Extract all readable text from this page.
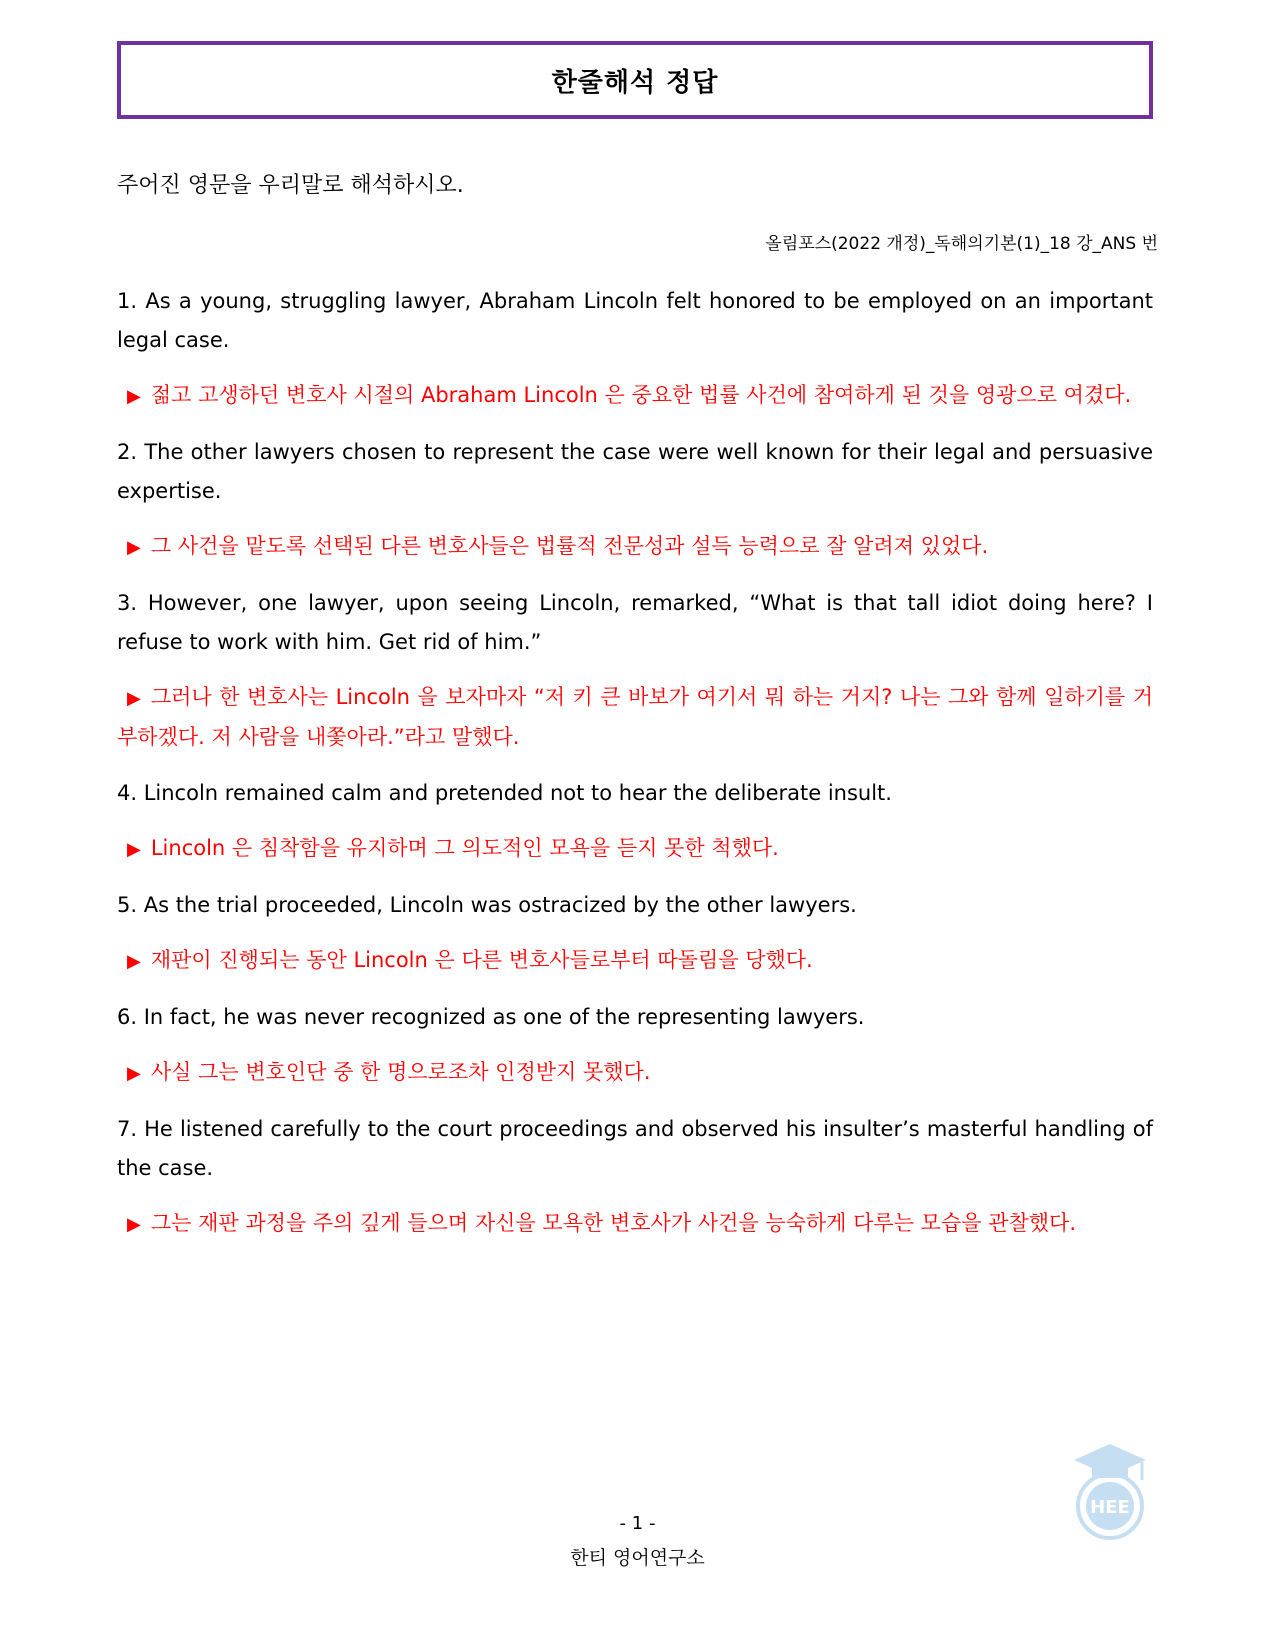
한줄해석 정답
주어진 영문을 우리말로 해석하시오.
올림포스(2022 개정)_독해의기본(1)_18 강_ANS 번

1. As a young, struggling lawyer, Abraham Lincoln felt honored to be employed on an important legal case.

▶ 젊고 고생하던 변호사 시절의 Abraham Lincoln 은 중요한 법률 사건에 참여하게 된 것을 영광으로 여겼다.

2. The other lawyers chosen to represent the case were well known for their legal and persuasive expertise.

▶ 그 사건을 맡도록 선택된 다른 변호사들은 법률적 전문성과 설득 능력으로 잘 알려져 있었다.

3. However, one lawyer, upon seeing Lincoln, remarked, “What is that tall idiot doing here? I refuse to work with him. Get rid of him.”

▶ 그러나 한 변호사는 Lincoln 을 보자마자 “저 키 큰 바보가 여기서 뭐 하는 거지? 나는 그와 함께 일하기를 거부하겠다. 저 사람을 내쫓아라.”라고 말했다.

4. Lincoln remained calm and pretended not to hear the deliberate insult.

▶ Lincoln 은 침착함을 유지하며 그 의도적인 모욕을 듣지 못한 척했다.

5. As the trial proceeded, Lincoln was ostracized by the other lawyers.

▶ 재판이 진행되는 동안 Lincoln 은 다른 변호사들로부터 따돌림을 당했다.

6. In fact, he was never recognized as one of the representing lawyers.

▶ 사실 그는 변호인단 중 한 명으로조차 인정받지 못했다.

7. He listened carefully to the court proceedings and observed his insulter’s masterful handling of the case.

▶ 그는 재판 과정을 주의 깊게 들으며 자신을 모욕한 변호사가 사건을 능숙하게 다루는 모습을 관찰했다.

HEE
- 1 -
한티 영어연구소
